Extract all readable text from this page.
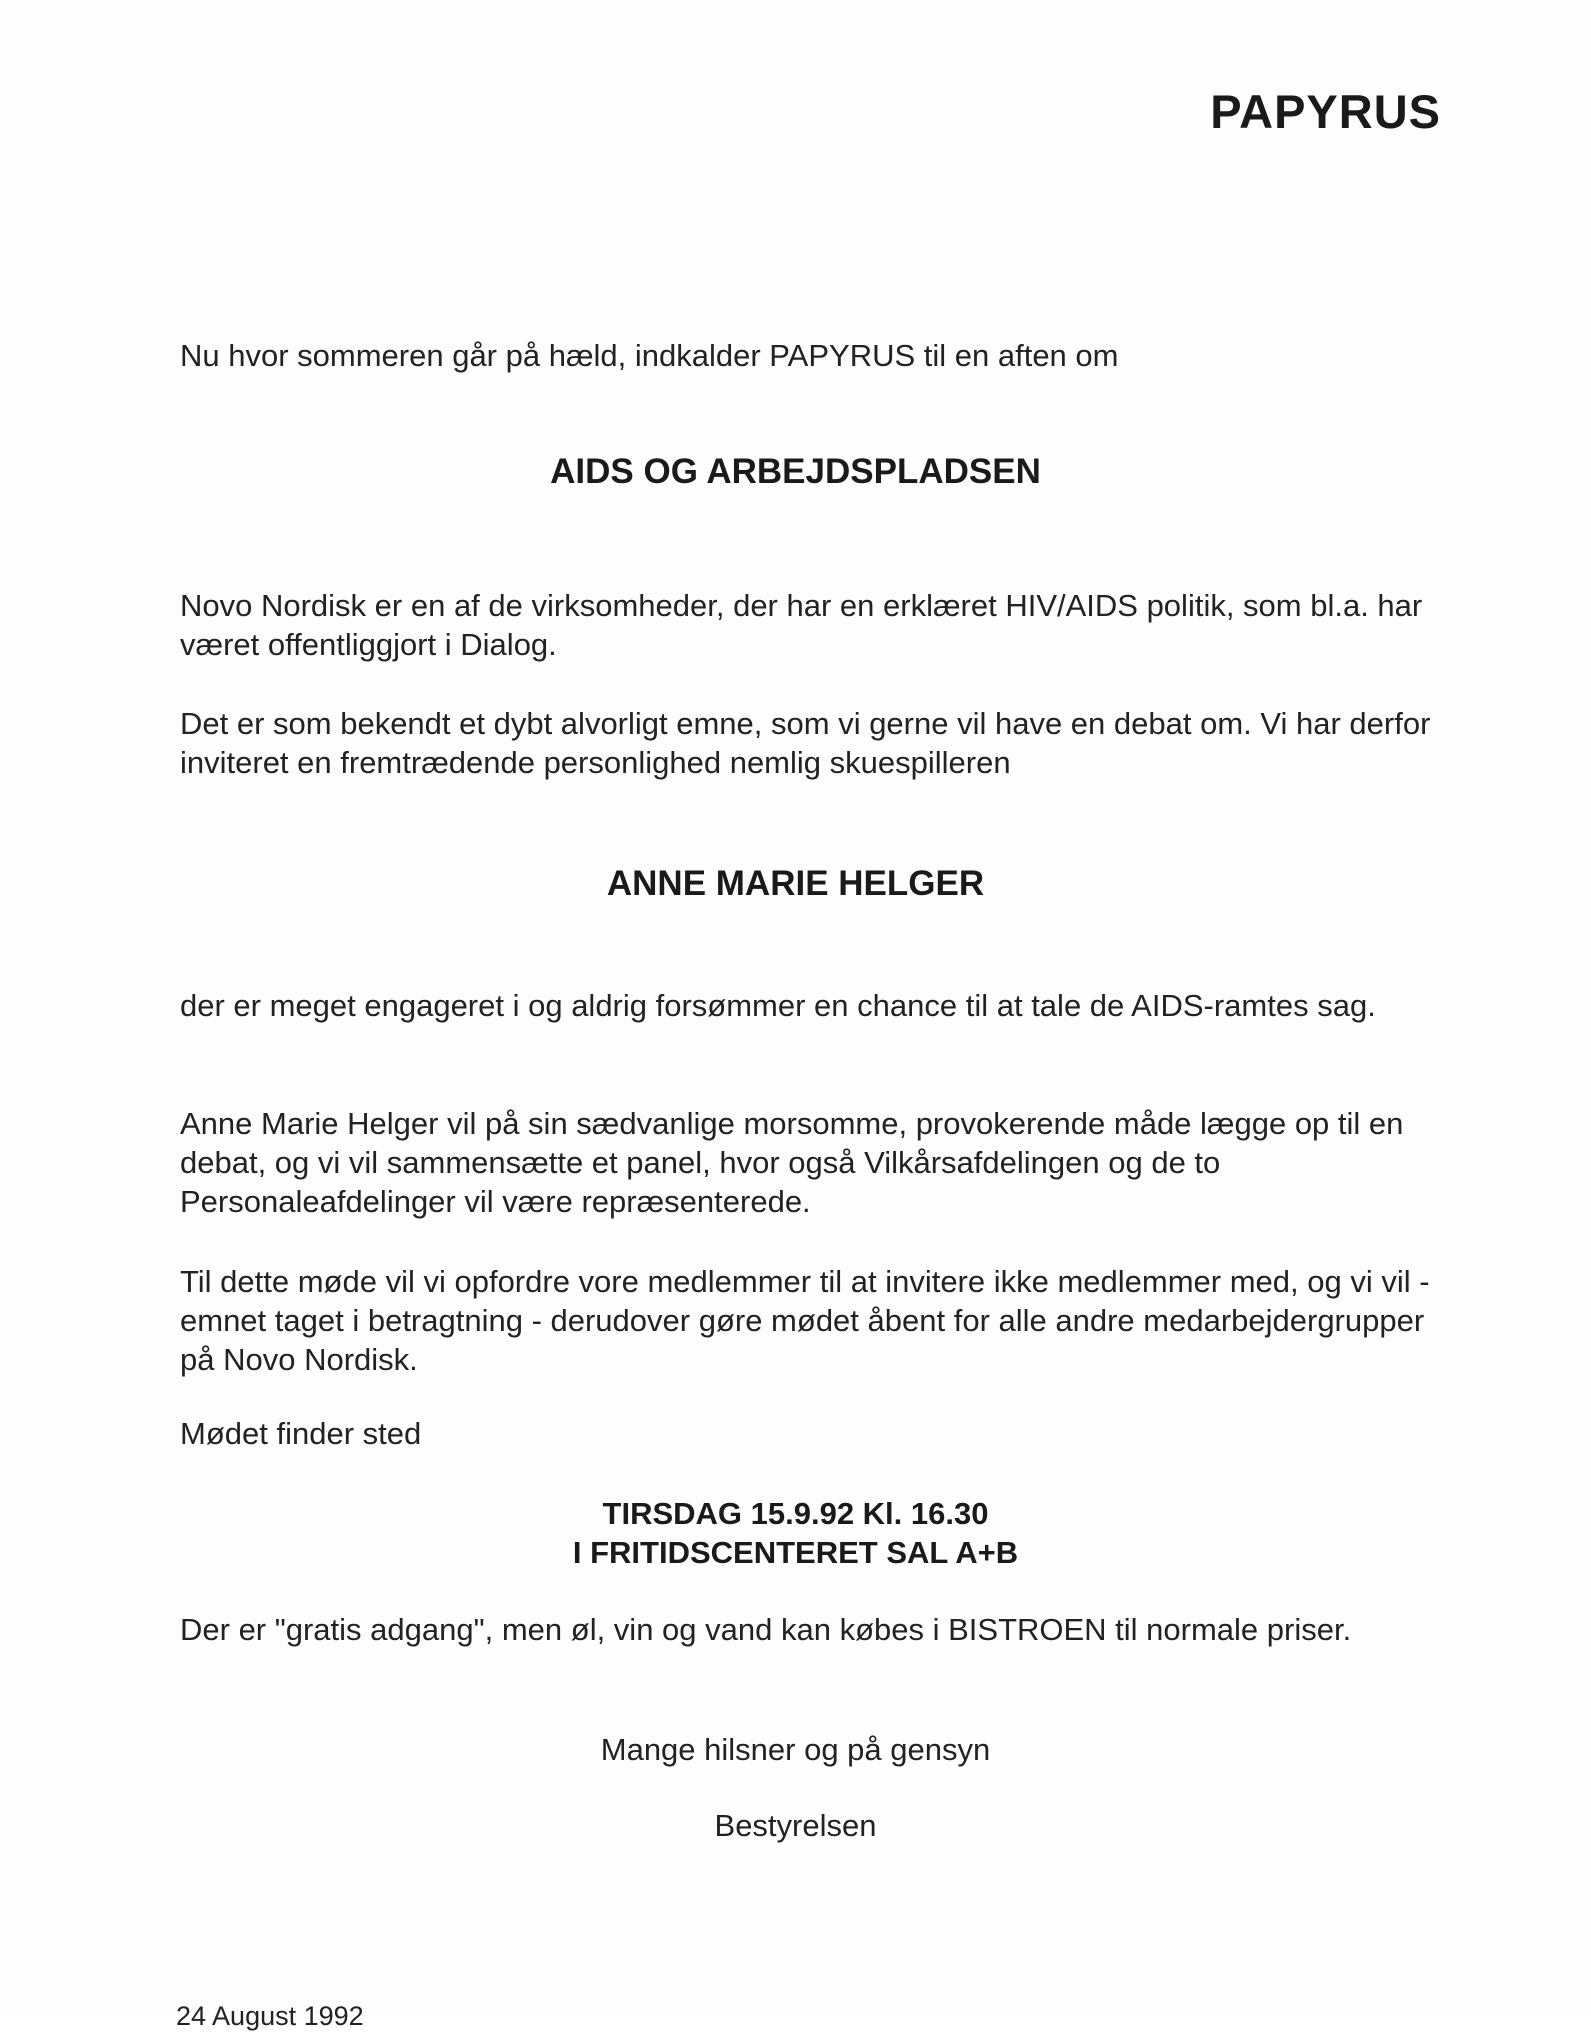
PAPYRUS

Nu hvor sommeren går på hæld, indkalder PAPYRUS til en aften om

AIDS OG ARBEJDSPLADSEN

Novo Nordisk er en af de virksomheder, der har en erklæret HIV/AIDS politik, som bl.a. har været offentliggjort i Dialog.

Det er som bekendt et dybt alvorligt emne, som vi gerne vil have en debat om. Vi har derfor inviteret en fremtrædende personlighed nemlig skuespilleren

ANNE MARIE HELGER

der er meget engageret i og aldrig forsømmer en chance til at tale de AIDS-ramtes sag.

Anne Marie Helger vil på sin sædvanlige morsomme, provokerende måde lægge op til en debat, og vi vil sammensætte et panel, hvor også Vilkårsafdelingen og de to Personaleafdelinger vil være repræsenterede.

Til dette møde vil vi opfordre vore medlemmer til at invitere ikke medlemmer med, og vi vil - emnet taget i betragtning - derudover gøre mødet åbent for alle andre medarbejdergrupper på Novo Nordisk.

Mødet finder sted

TIRSDAG 15.9.92 Kl. 16.30
I FRITIDSCENTERET SAL A+B

Der er "gratis adgang", men øl, vin og vand kan købes i BISTROEN til normale priser.

Mange hilsner og på gensyn
Bestyrelsen
24 August 1992
